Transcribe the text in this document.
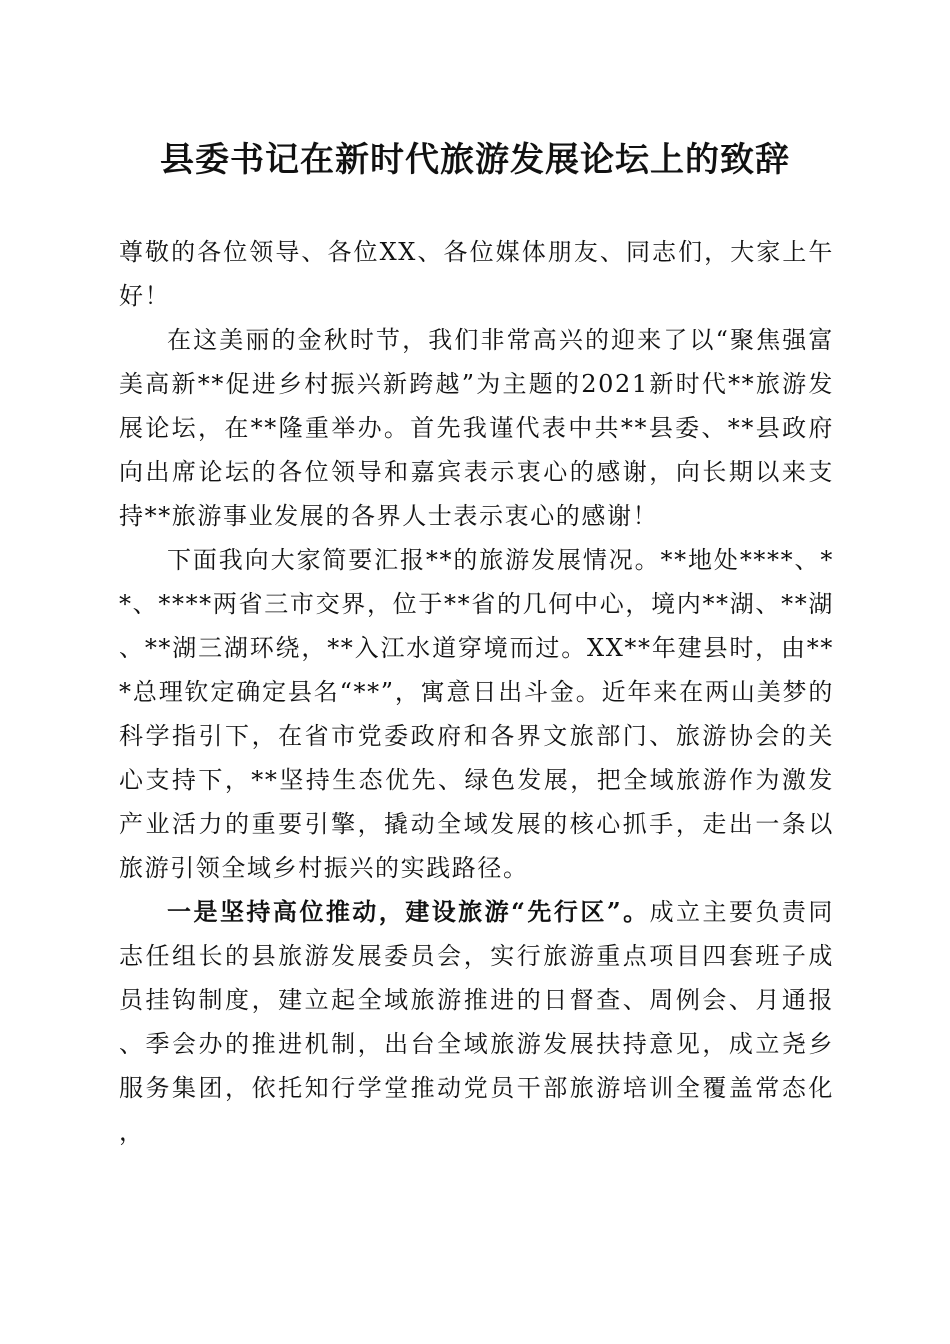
县委书记在新时代旅游发展论坛上的致辞

尊敬的各位领导、各位XX、各位媒体朋友、同志们，大家上午好！

在这美丽的金秋时节，我们非常高兴的迎来了以“聚焦强富美高新**促进乡村振兴新跨越”为主题的2021新时代**旅游发展论坛，在**隆重举办。首先我谨代表中共**县委、**县政府向出席论坛的各位领导和嘉宾表示衷心的感谢，向长期以来支持**旅游事业发展的各界人士表示衷心的感谢！

下面我向大家简要汇报**的旅游发展情况。**地处****、**、****两省三市交界，位于**省的几何中心，境内**湖、**湖、**湖三湖环绕，**入江水道穿境而过。XX**年建县时，由***总理钦定确定县名“**”，寓意日出斗金。近年来在两山美梦的科学指引下，在省市党委政府和各界文旅部门、旅游协会的关心支持下，**坚持生态优先、绿色发展，把全域旅游作为激发产业活力的重要引擎，撬动全域发展的核心抓手，走出一条以旅游引领全域乡村振兴的实践路径。

一是坚持高位推动，建设旅游“先行区”。成立主要负责同志任组长的县旅游发展委员会，实行旅游重点项目四套班子成员挂钩制度，建立起全域旅游推进的日督查、周例会、月通报、季会办的推进机制，出台全域旅游发展扶持意见，成立尧乡服务集团，依托知行学堂推动党员干部旅游培训全覆盖常态化，
